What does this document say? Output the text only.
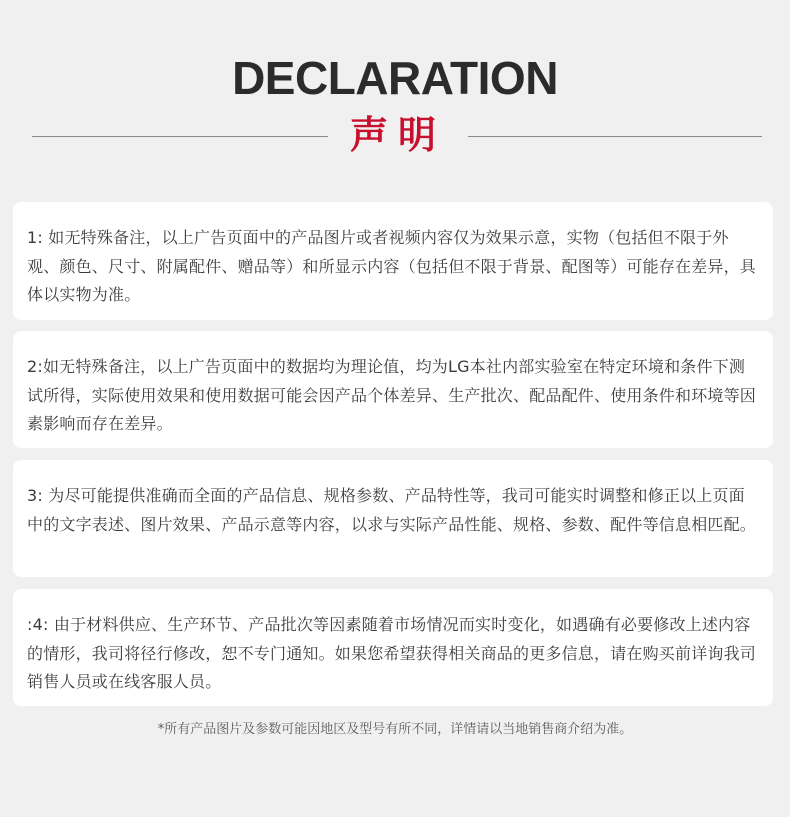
DECLARATION
声明

1: 如无特殊备注，以上广告页面中的产品图片或者视频内容仅为效果示意，实物（包括但不限于外观、颜色、尺寸、附属配件、赠品等）和所显示内容（包括但不限于背景、配图等）可能存在差异，具体以实物为准。

2:如无特殊备注，以上广告页面中的数据均为理论值，均为LG本社内部实验室在特定环境和条件下测试所得，实际使用效果和使用数据可能会因产品个体差异、生产批次、配品配件、使用条件和环境等因素影响而存在差异。

3: 为尽可能提供准确而全面的产品信息、规格参数、产品特性等，我司可能实时调整和修正以上页面中的文字表述、图片效果、产品示意等内容，以求与实际产品性能、规格、参数、配件等信息相匹配。

:4: 由于材料供应、生产环节、产品批次等因素随着市场情况而实时变化，如遇确有必要修改上述内容的情形，我司将径行修改，恕不专门通知。如果您希望获得相关商品的更多信息，请在购买前详询我司销售人员或在线客服人员。

*所有产品图片及参数可能因地区及型号有所不同，详情请以当地销售商介绍为准。
